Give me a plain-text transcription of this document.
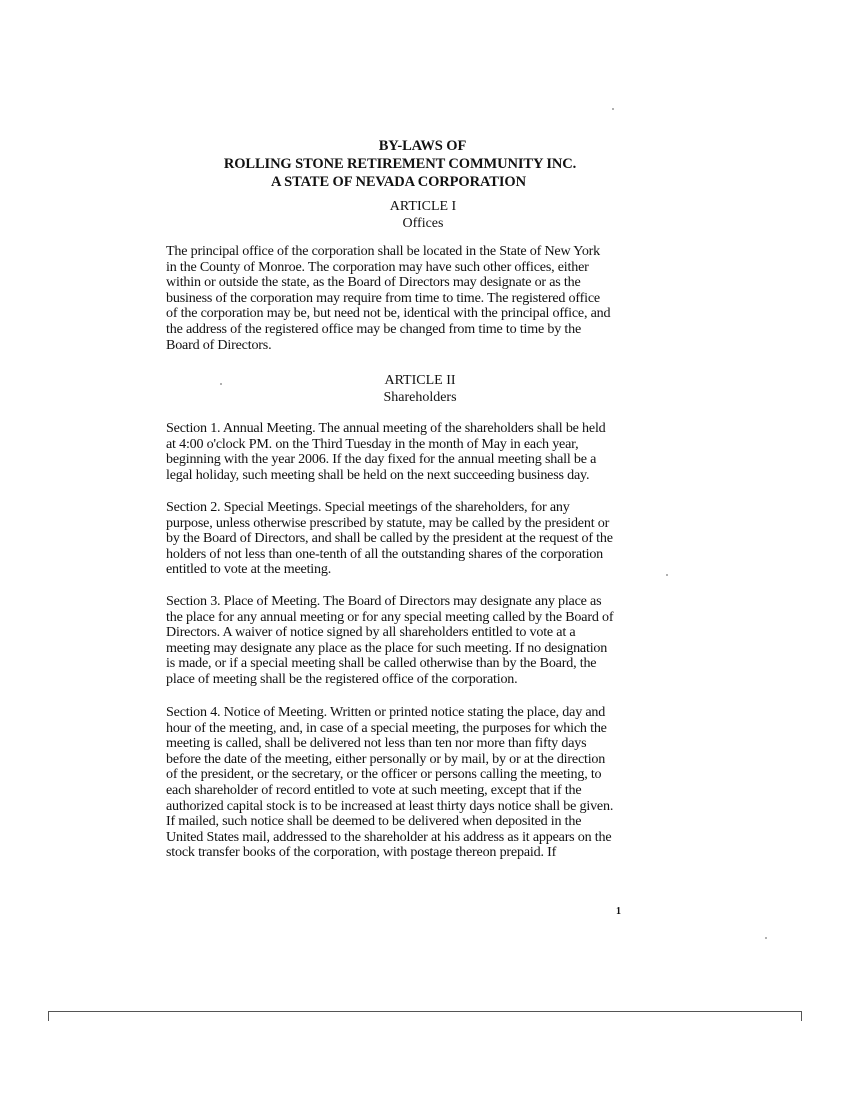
BY-LAWS OF
ROLLING STONE RETIREMENT COMMUNITY INC.
A STATE OF NEVADA CORPORATION
ARTICLE I
Offices
The principal office of the corporation shall be located in the State of New York
in the County of Monroe. The corporation may have such other offices, either
within or outside the state, as the Board of Directors may designate or as the
business of the corporation may require from time to time. The registered office
of the corporation may be, but need not be, identical with the principal office, and
the address of the registered office may be changed from time to time by the
Board of Directors.
ARTICLE II
Shareholders
Section 1. Annual Meeting. The annual meeting of the shareholders shall be held
at 4:00 o'clock PM. on the Third Tuesday in the month of May in each year,
beginning with the year 2006. If the day fixed for the annual meeting shall be a
legal holiday, such meeting shall be held on the next succeeding business day.
Section 2. Special Meetings. Special meetings of the shareholders, for any
purpose, unless otherwise prescribed by statute, may be called by the president or
by the Board of Directors, and shall be called by the president at the request of the
holders of not less than one-tenth of all the outstanding shares of the corporation
entitled to vote at the meeting.
Section 3. Place of Meeting. The Board of Directors may designate any place as
the place for any annual meeting or for any special meeting called by the Board of
Directors. A waiver of notice signed by all shareholders entitled to vote at a
meeting may designate any place as the place for such meeting. If no designation
is made, or if a special meeting shall be called otherwise than by the Board, the
place of meeting shall be the registered office of the corporation.
Section 4. Notice of Meeting. Written or printed notice stating the place, day and
hour of the meeting, and, in case of a special meeting, the purposes for which the
meeting is called, shall be delivered not less than ten nor more than fifty days
before the date of the meeting, either personally or by mail, by or at the direction
of the president, or the secretary, or the officer or persons calling the meeting, to
each shareholder of record entitled to vote at such meeting, except that if the
authorized capital stock is to be increased at least thirty days notice shall be given.
If mailed, such notice shall be deemed to be delivered when deposited in the
United States mail, addressed to the shareholder at his address as it appears on the
stock transfer books of the corporation, with postage thereon prepaid. If
1
